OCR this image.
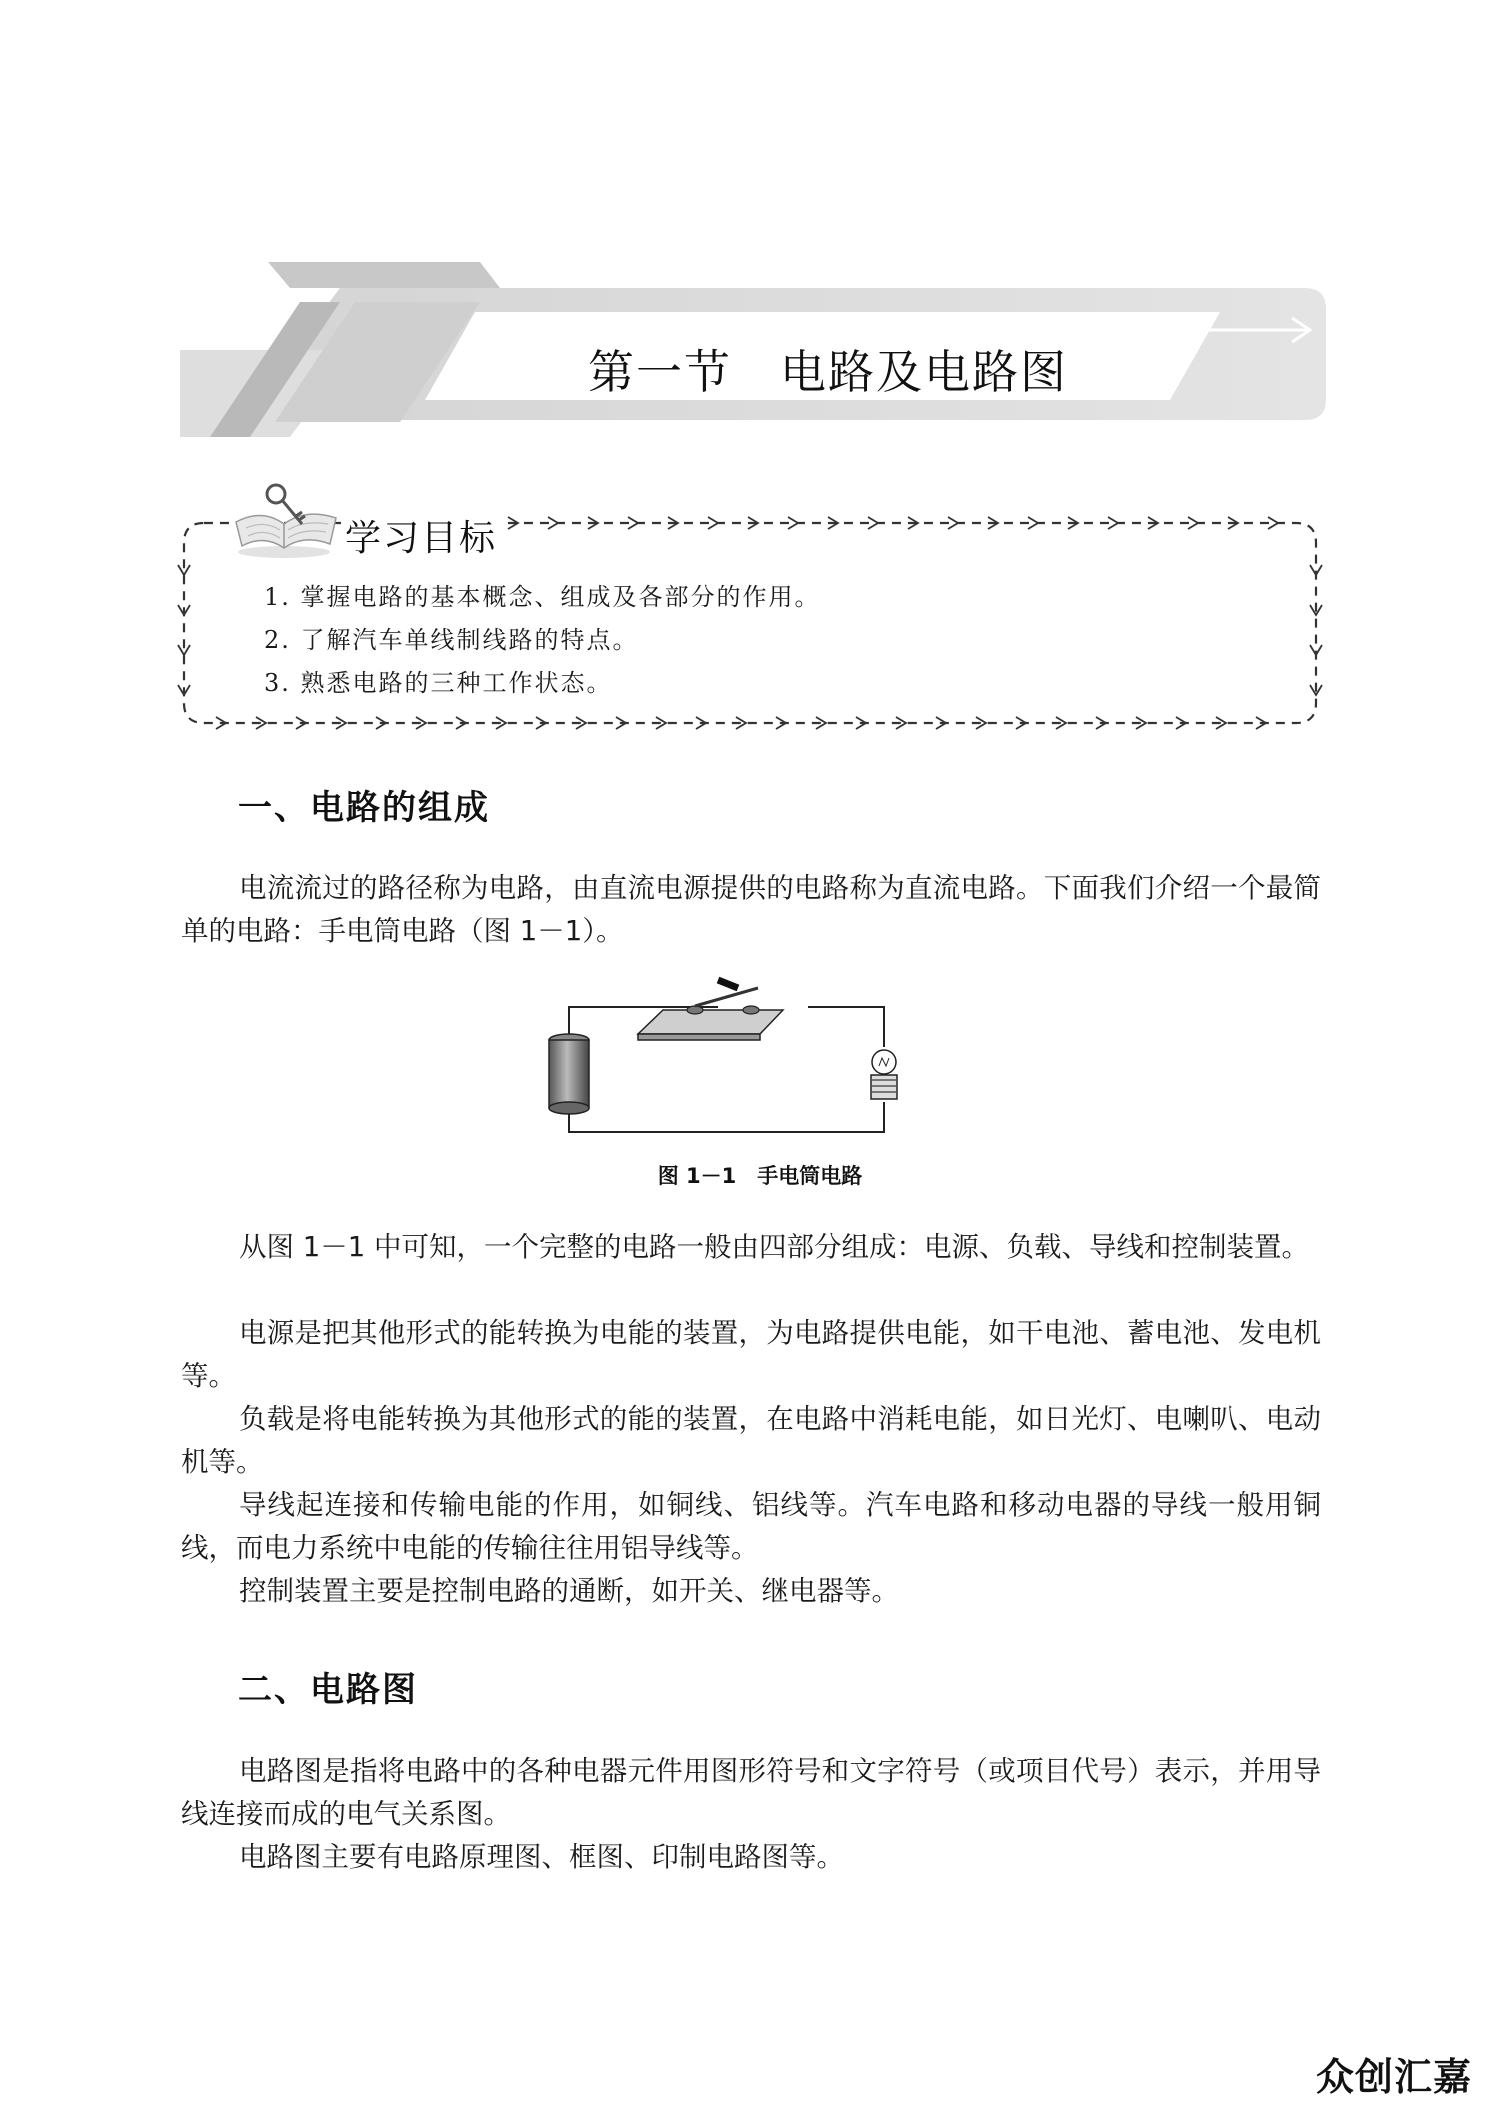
第一节　电路及电路图
学习目标
1. 掌握电路的基本概念、组成及各部分的作用。
2. 了解汽车单线制线路的特点。
3. 熟悉电路的三种工作状态。
一、电路的组成
电流流过的路径称为电路，由直流电源提供的电路称为直流电路。下面我们介绍一个最简单的电路：手电筒电路（图 1－1）。
图 1－1　手电筒电路
从图 1－1 中可知，一个完整的电路一般由四部分组成：电源、负载、导线和控制装置。
电源是把其他形式的能转换为电能的装置，为电路提供电能，如干电池、蓄电池、发电机等。
负载是将电能转换为其他形式的能的装置，在电路中消耗电能，如日光灯、电喇叭、电动机等。
导线起连接和传输电能的作用，如铜线、铝线等。汽车电路和移动电器的导线一般用铜线，而电力系统中电能的传输往往用铝导线等。
控制装置主要是控制电路的通断，如开关、继电器等。
二、电路图
电路图是指将电路中的各种电器元件用图形符号和文字符号（或项目代号）表示，并用导线连接而成的电气关系图。
电路图主要有电路原理图、框图、印制电路图等。
众创汇嘉
